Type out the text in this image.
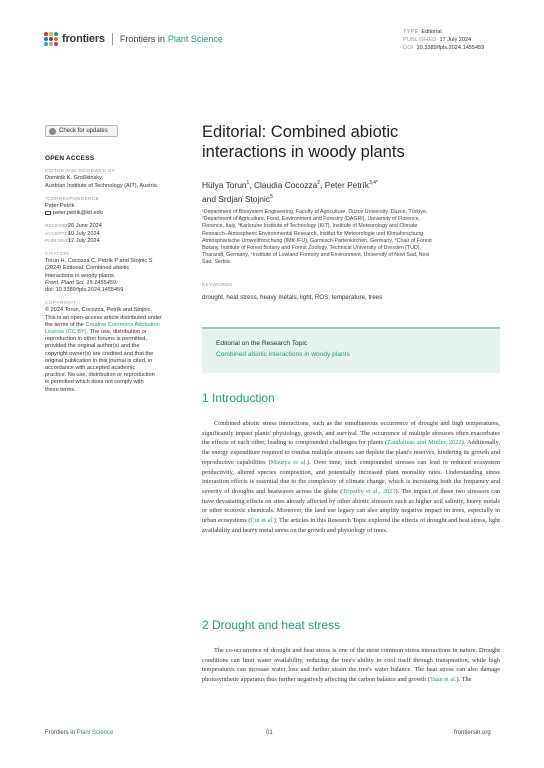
frontiers Frontiers in Plant Science
TYPE Editorial
PUBLISHED 17 July 2024
DOI 10.3389/fpls.2024.1455459
Check for updates
OPEN ACCESS
EDITED AND REVIEWED BY
Dominik K. Großkinsky,
Austrian Institute of Technology (AIT), Austria
*CORRESPONDENCE
Peter Petrík
peter.petrik@kit.edu
RECEIVED
26 June 2024
ACCEPTED
10 July 2024
PUBLISHED
17 July 2024
CITATION
Torun H, Cocozza C, Petrík P and Stojnic S
(2024) Editorial: Combined abiotic
interactions in woody plants.
Front. Plant Sci. 15:1455459.
doi: 10.3389/fpls.2024.1455459
COPYRIGHT
© 2024 Torun, Cocozza, Petrík and Stojnic.
This is an open-access article distributed under
the terms of the Creative Commons Attribution
License (CC BY). The use, distribution or
reproduction in other forums is permitted,
provided the original author(s) and the
copyright owner(s) are credited and that the
original publication in this journal is cited, in
accordance with accepted academic
practice. No use, distribution or reproduction
is permitted which does not comply with
these terms.
Editorial: Combined abiotic
interactions in woody plants
Hülya Torun$^1$, Claudia Cocozza$^2$, Peter Petrík$^{3,4*}$
and Srdjan Stojnic$^5$
¹Department of Biosystem Engineering, Faculty of Agriculture, Düzce University, Düzce, Türkiye,
²Department of Agriculture, Food, Environment and Forestry (DAGRI), University of Florence,
Florence, Italy, ³Karlsruhe Institute of Technology (KIT), Institute of Meteorology and Climate
Research–Atmospheric Environmental Research, Institut für Meteorologie und Klimaforschung
Atmosphärische Umweltforschung (IMK-IFU), Garmisch-Partenkirchen, Germany, ⁴Chair of Forest
Botany, Institute of Forest Botany and Forest Zoology, Technical University of Dresden (TUD),
Tharandt, Germany, ⁵Institute of Lowland Forestry and Environment, University of Novi Sad, Novi
Sad, Serbia
KEYWORDS
drought, heat stress, heavy metals, light, ROS, temperature, trees
Editorial on the Research Topic
Combined abiotic interactions in woody plants
1 Introduction
Combined abiotic stress interactions, such as the simultaneous occurrence of drought and high temperatures, significantly impact plants' physiology, growth, and survival. The occurrence of multiple stressors often exacerbates the effects of each other, leading to compounded challenges for plants (Zandalinas and Mittler, 2022). Additionally, the energy expenditure required to combat multiple stresses can deplete the plant's reserves, hindering its growth and reproductive capabilities (Maurya et al.). Over time, such compounded stresses can lead to reduced ecosystem productivity, altered species composition, and potentially increased plant mortality rates. Understanding stress interaction effects is essential due to the complexity of climate change, which is increasing both the frequency and severity of droughts and heatwaves across the globe (Tripathy et al., 2023). The impact of these two stressors can have devastating effects on sites already affected by other abiotic stressors such as higher soil salinity, heavy metals or other ecotoxic chemicals. Moreover, the land use legacy can also amplify negative impact on trees, especially in urban ecosystems (Cui et al.). The articles in this Research Topic explored the effects of drought and heat stress, light availability and heavy metal stress on the growth and physiology of trees.
2 Drought and heat stress
The co-occurrence of drought and heat stress is one of the most common stress interactions in nature. Drought conditions can limit water availability, reducing the tree's ability to cool itself through transpiration, while high temperatures can increase water loss and further strain the tree's water balance. The heat stress can also damage photosynthetic apparatus thus further negatively affecting the carbon balance and growth (Yuan et al.). The
Frontiers in Plant Science	01	frontiersin.org
